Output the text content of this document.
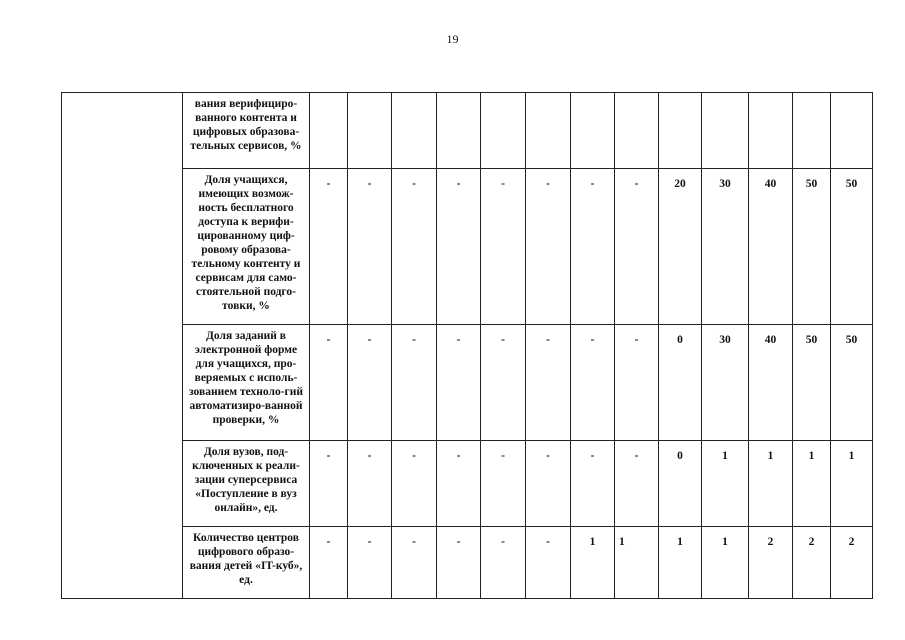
19
	вания верифициро-ванного контента и цифровых образова-тельных сервисов, %													
	Доля учащихся, имеющих возмож-ность бесплатного доступа к верифи-цированному циф-ровому образова-тельному контенту и сервисам для само-стоятельной подго-товки, %	-	-	-	-	-	-	-	-	20	30	40	50	50
	Доля заданий в электронной форме для учащихся, про-веряемых с исполь-зованием техноло-гий автоматизиро-ванной проверки, %	-	-	-	-	-	-	-	-	0	30	40	50	50
	Доля вузов, под-ключенных к реали-зации суперсервиса «Поступление в вуз онлайн», ед.	-	-	-	-	-	-	-	-	0	1	1	1	1
	Количество центров цифрового образо-вания детей «IT-куб», ед.	-	-	-	-	-	-	1	1	1	1	2	2	2
